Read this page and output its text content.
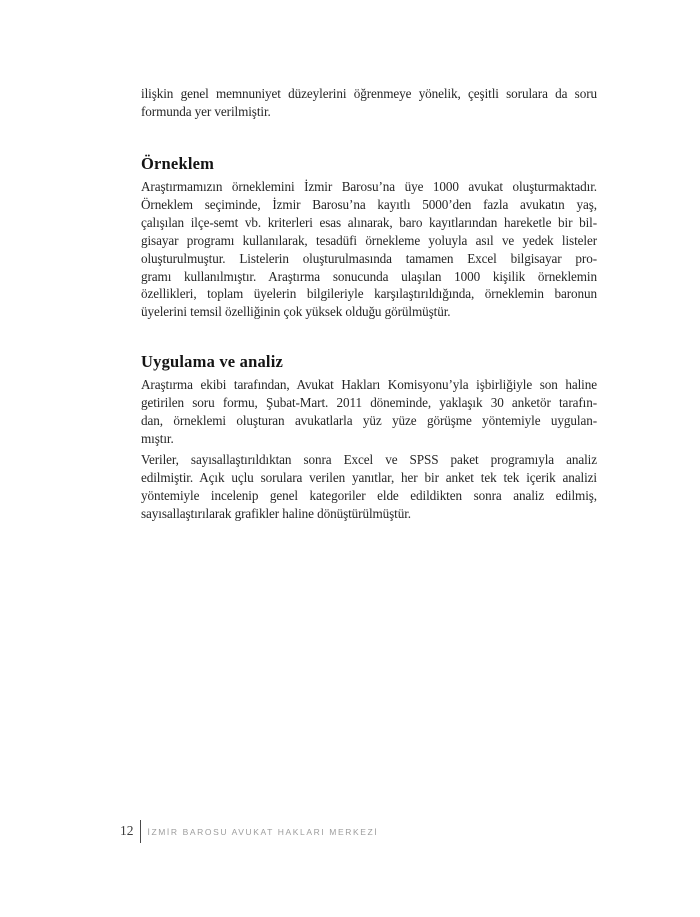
ilişkin genel memnuniyet düzeylerini öğrenmeye yönelik, çeşitli sorulara da soru
formunda yer verilmiştir.
Örneklem
Araştırmamızın örneklemini İzmir Barosu’na üye 1000 avukat oluşturmaktadır.
Örneklem seçiminde, İzmir Barosu’na kayıtlı 5000’den fazla avukatın yaş,
çalışılan ilçe-semt vb. kriterleri esas alınarak, baro kayıtlarından hareketle bir bil-
gisayar programı kullanılarak, tesadüfi örnekleme yoluyla asıl ve yedek listeler
oluşturulmuştur. Listelerin oluşturulmasında tamamen Excel bilgisayar pro-
gramı kullanılmıştır. Araştırma sonucunda ulaşılan 1000 kişilik örneklemin
özellikleri, toplam üyelerin bilgileriyle karşılaştırıldığında, örneklemin baronun
üyelerini temsil özelliğinin çok yüksek olduğu görülmüştür.
Uygulama ve analiz
Araştırma ekibi tarafından, Avukat Hakları Komisyonu’yla işbirliğiyle son haline
getirilen soru formu, Şubat-Mart. 2011 döneminde, yaklaşık 30 anketör tarafın-
dan, örneklemi oluşturan avukatlarla yüz yüze görüşme yöntemiyle uygulan-
mıştır.
Veriler, sayısallaştırıldıktan sonra Excel ve SPSS paket programıyla analiz
edilmiştir. Açık uçlu sorulara verilen yanıtlar, her bir anket tek tek içerik analizi
yöntemiyle incelenip genel kategoriler elde edildikten sonra analiz edilmiş,
sayısallaştırılarak grafikler haline dönüştürülmüştür.
12 İZMİR BAROSU AVUKAT HAKLARI MERKEZİ
